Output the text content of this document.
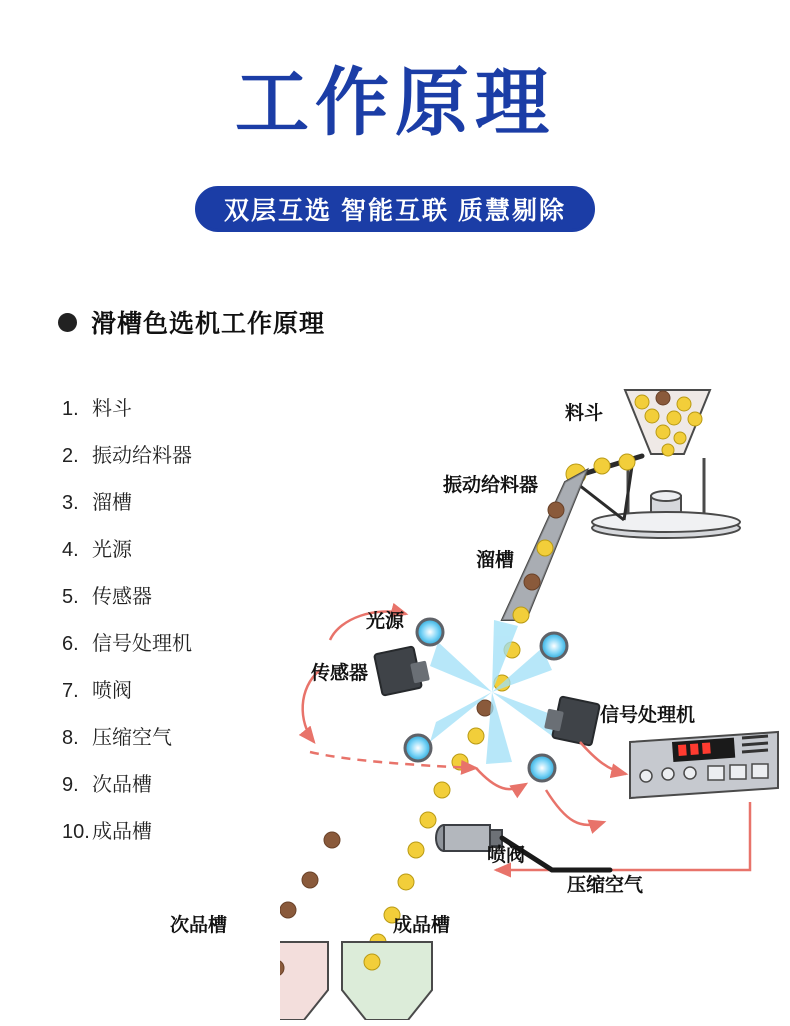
工作原理
双层互选 智能互联 质慧剔除
滑槽色选机工作原理
1. 料斗
2. 振动给料器
3. 溜槽
4. 光源
5. 传感器
6. 信号处理机
7. 喷阀
8. 压缩空气
9. 次品槽
10. 成品槽
料斗
振动给料器
溜槽
光源
传感器
信号处理机
喷阀
压缩空气
次品槽	成品槽
